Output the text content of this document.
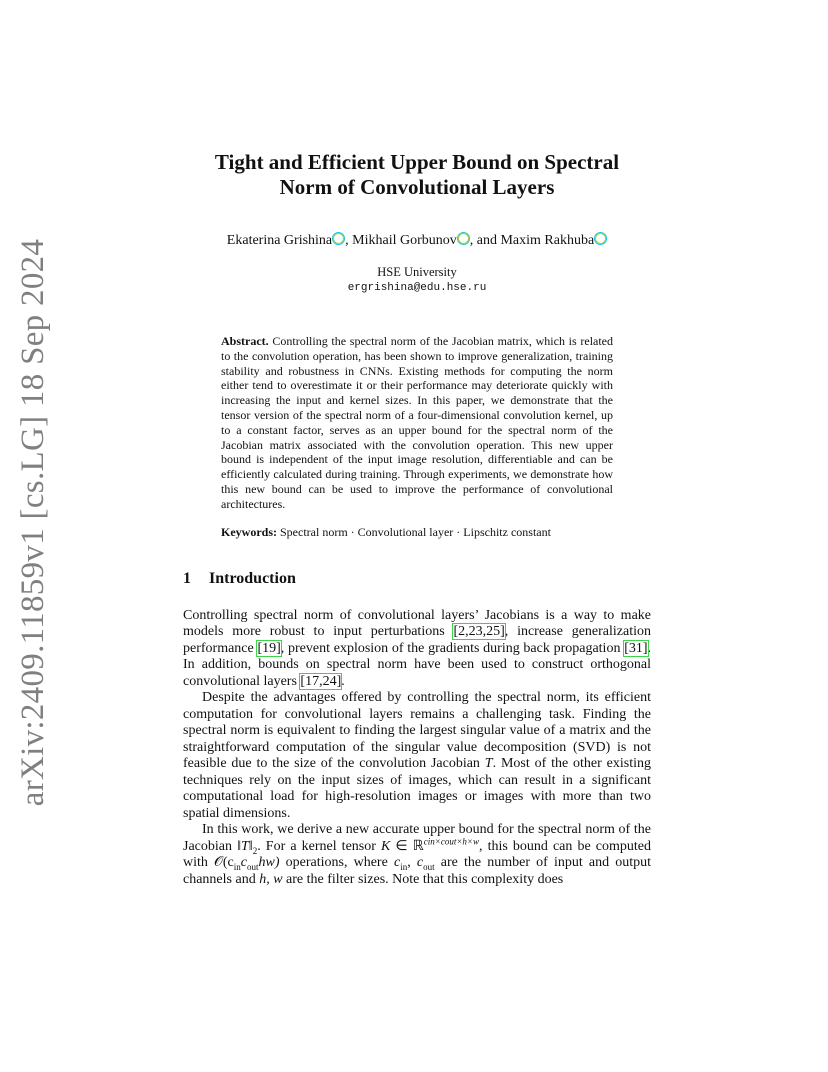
arXiv:2409.11859v1 [cs.LG] 18 Sep 2024
Tight and Efficient Upper Bound on Spectral
Norm of Convolutional Layers
Ekaterina Grishina , Mikhail Gorbunov , and Maxim Rakhuba
HSE University
ergrishina@edu.hse.ru
Abstract. Controlling the spectral norm of the Jacobian matrix, which is related to the convolution operation, has been shown to improve generalization, training stability and robustness in CNNs. Existing methods for computing the norm either tend to overestimate it or their performance may deteriorate quickly with increasing the input and kernel sizes. In this paper, we demonstrate that the tensor version of the spectral norm of a four-dimensional convolution kernel, up to a constant factor, serves as an upper bound for the spectral norm of the Jacobian matrix associated with the convolution operation. This new upper bound is independent of the input image resolution, differentiable and can be efficiently calculated during training. Through experiments, we demonstrate how this new bound can be used to improve the performance of convolutional architectures.
Keywords: Spectral norm · Convolutional layer · Lipschitz constant
1 Introduction

Controlling spectral norm of convolutional layers’ Jacobians is a way to make models more robust to input perturbations [2,23,25], increase generalization performance [19], prevent explosion of the gradients during back propagation [31]. In addition, bounds on spectral norm have been used to construct orthogonal convolutional layers [17,24].

Despite the advantages offered by controlling the spectral norm, its efficient computation for convolutional layers remains a challenging task. Finding the spectral norm is equivalent to finding the largest singular value of a matrix and the straightforward computation of the singular value decomposition (SVD) is not feasible due to the size of the convolution Jacobian T. Most of the other existing techniques rely on the input sizes of images, which can result in a significant computational load for high-resolution images or images with more than two spatial dimensions.

In this work, we derive a new accurate upper bound for the spectral norm of the Jacobian $‖T‖_2$. For a kernel tensor K ∈ ℝ$^{cin\times cout\times h\times w}$, this bound can be computed with $𝒪(c_{in}c_{out}hw)$ operations, where $c_{in}$, $c_{out}$ are the number of input and output channels and h, w are the filter sizes. Note that this complexity does
